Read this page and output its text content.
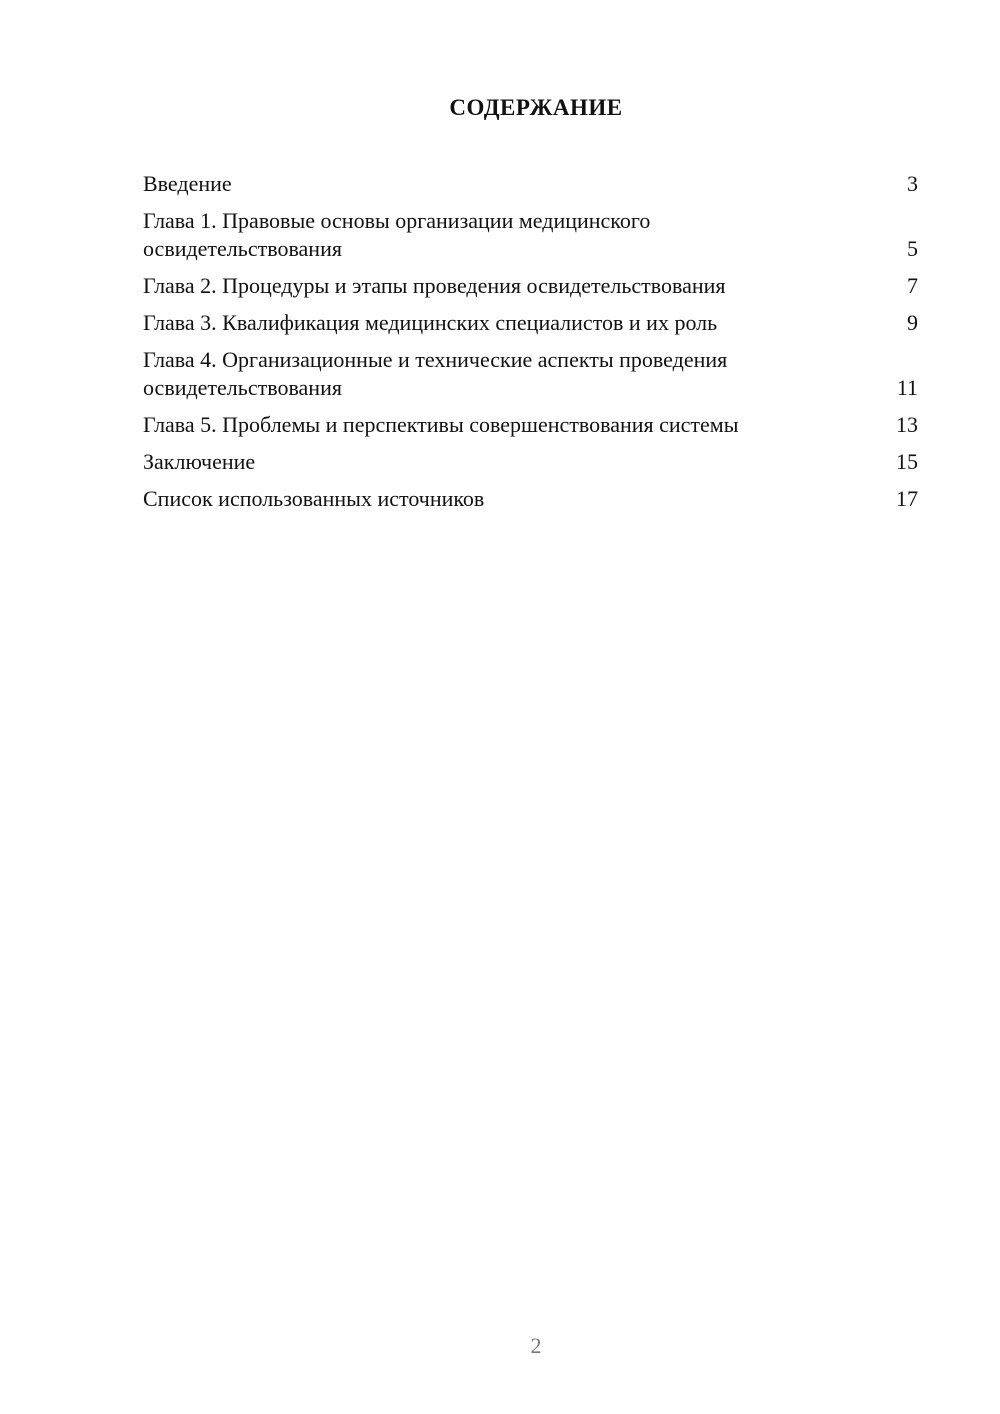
СОДЕРЖАНИЕ
Введение	3
Глава 1. Правовые основы организации медицинского освидетельствования	5
Глава 2. Процедуры и этапы проведения освидетельствования	7
Глава 3. Квалификация медицинских специалистов и их роль	9
Глава 4. Организационные и технические аспекты проведения освидетельствования	11
Глава 5. Проблемы и перспективы совершенствования системы	13
Заключение	15
Список использованных источников	17
2
